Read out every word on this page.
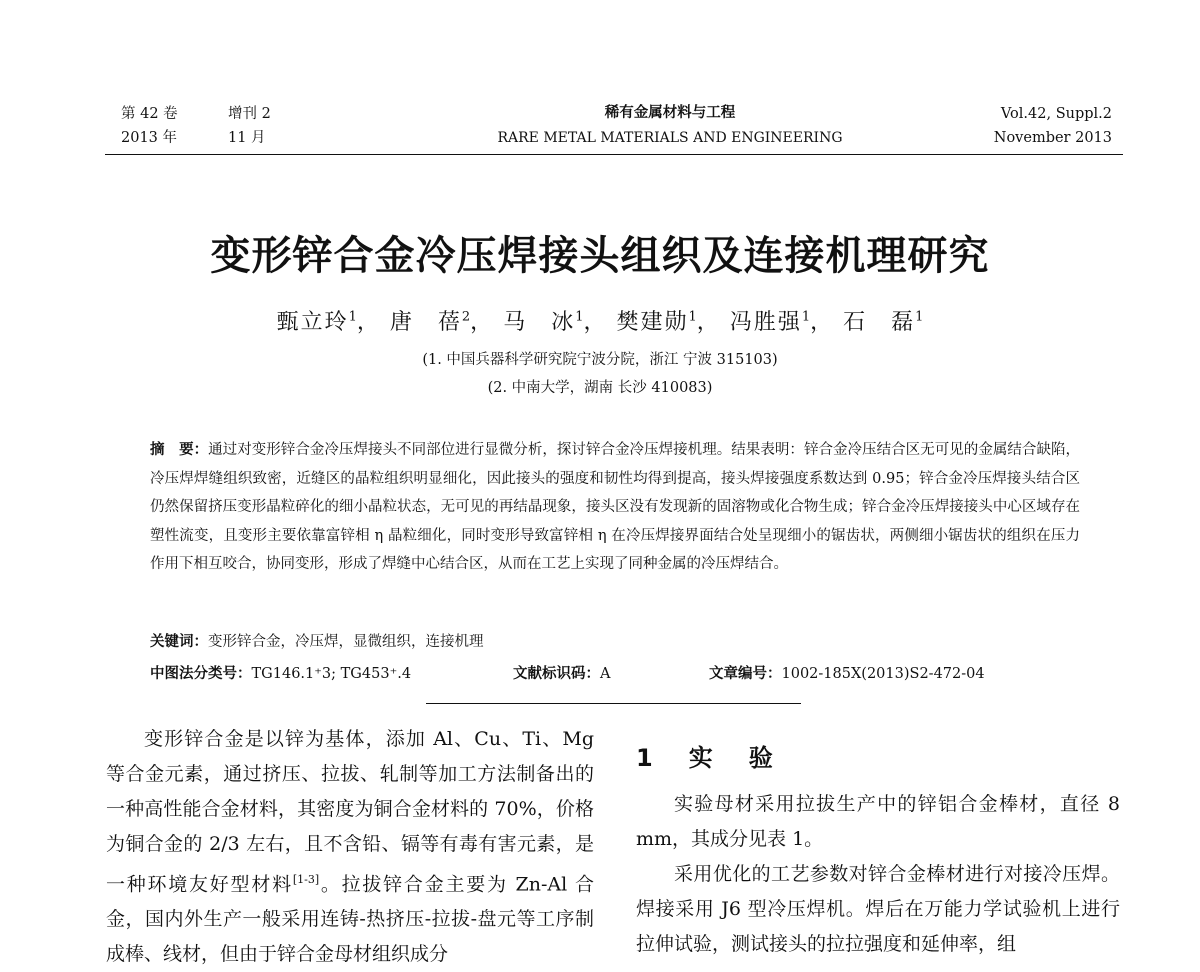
第 42 卷	增刊 2
2013 年	11 月
稀有金属材料与工程
RARE METAL MATERIALS AND ENGINEERING
Vol.42, Suppl.2
November 2013
变形锌合金冷压焊接头组织及连接机理研究
甄立玲$^1$， 唐　蓓$^2$， 马　冰$^1$， 樊建勋$^1$， 冯胜强$^1$， 石　磊$^1$
(1. 中国兵器科学研究院宁波分院，浙江 宁波 315103)
(2. 中南大学，湖南 长沙 410083)
摘　要：通过对变形锌合金冷压焊接头不同部位进行显微分析，探讨锌合金冷压焊接机理。结果表明：锌合金冷压结合区无可见的金属结合缺陷，冷压焊焊缝组织致密，近缝区的晶粒组织明显细化，因此接头的强度和韧性均得到提高，接头焊接强度系数达到 0.95；锌合金冷压焊接头结合区仍然保留挤压变形晶粒碎化的细小晶粒状态，无可见的再结晶现象，接头区没有发现新的固溶物或化合物生成；锌合金冷压焊接接头中心区域存在塑性流变，且变形主要依靠富锌相 η 晶粒细化，同时变形导致富锌相 η 在冷压焊接界面结合处呈现细小的锯齿状，两侧细小锯齿状的组织在压力作用下相互咬合，协同变形，形成了焊缝中心结合区，从而在工艺上实现了同种金属的冷压焊结合。
关键词：变形锌合金，冷压焊，显微组织，连接机理
中图法分类号：TG146.1⁺3; TG453⁺.4	文献标识码：A	文章编号：1002-185X(2013)S2-472-04

变形锌合金是以锌为基体，添加 Al、Cu、Ti、Mg 等合金元素，通过挤压、拉拔、轧制等加工方法制备出的一种高性能合金材料，其密度为铜合金材料的 70%，价格为铜合金的 2/3 左右，且不含铅、镉等有毒有害元素，是一种环境友好型材料[1-3]。拉拔锌合金主要为 Zn-Al 合金，国内外生产一般采用连铸-热挤压-拉拔-盘元等工序制成棒、线材，但由于锌合金母材组织成分

1　实　验

实验母材采用拉拔生产中的锌铝合金棒材，直径 8 mm，其成分见表 1。

采用优化的工艺参数对锌合金棒材进行对接冷压焊。焊接采用 J6 型冷压焊机。焊后在万能力学试验机上进行拉伸试验，测试接头的拉拉强度和延伸率，组
